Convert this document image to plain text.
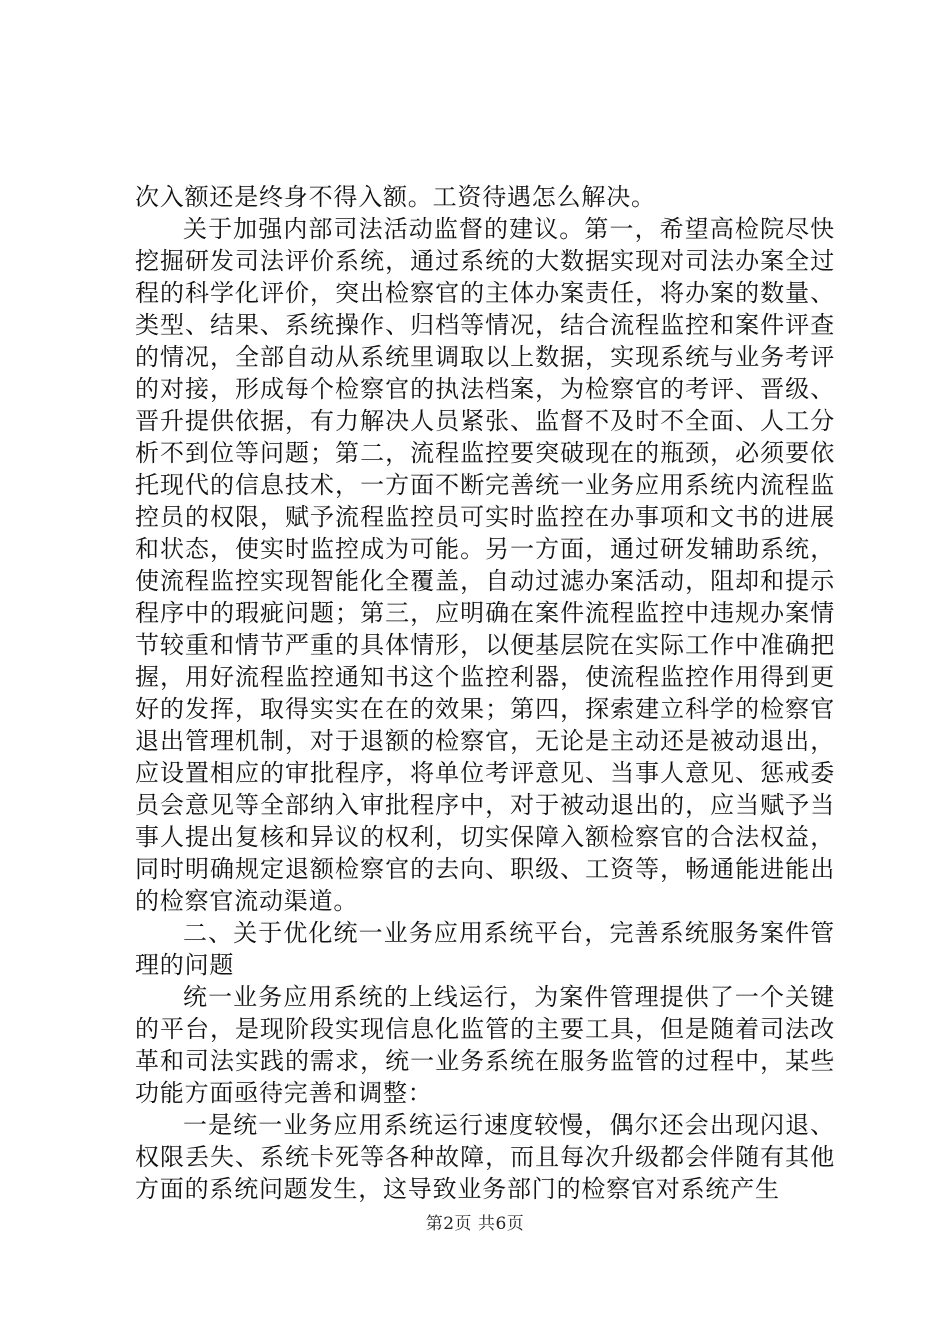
次入额还是终身不得入额。工资待遇怎么解决。

关于加强内部司法活动监督的建议。第一，希望高检院尽快挖掘研发司法评价系统，通过系统的大数据实现对司法办案全过程的科学化评价，突出检察官的主体办案责任，将办案的数量、类型、结果、系统操作、归档等情况，结合流程监控和案件评查的情况，全部自动从系统里调取以上数据，实现系统与业务考评的对接，形成每个检察官的执法档案，为检察官的考评、晋级、晋升提供依据，有力解决人员紧张、监督不及时不全面、人工分析不到位等问题；第二，流程监控要突破现在的瓶颈，必须要依托现代的信息技术，一方面不断完善统一业务应用系统内流程监控员的权限，赋予流程监控员可实时监控在办事项和文书的进展和状态，使实时监控成为可能。另一方面，通过研发辅助系统，使流程监控实现智能化全覆盖，自动过滤办案活动，阻却和提示程序中的瑕疵问题；第三，应明确在案件流程监控中违规办案情节较重和情节严重的具体情形，以便基层院在实际工作中准确把握，用好流程监控通知书这个监控利器，使流程监控作用得到更好的发挥，取得实实在在的效果；第四，探索建立科学的检察官退出管理机制，对于退额的检察官，无论是主动还是被动退出，应设置相应的审批程序，将单位考评意见、当事人意见、惩戒委员会意见等全部纳入审批程序中，对于被动退出的，应当赋予当事人提出复核和异议的权利，切实保障入额检察官的合法权益，同时明确规定退额检察官的去向、职级、工资等，畅通能进能出的检察官流动渠道。

二、关于优化统一业务应用系统平台，完善系统服务案件管理的问题

统一业务应用系统的上线运行，为案件管理提供了一个关键的平台，是现阶段实现信息化监管的主要工具，但是随着司法改革和司法实践的需求，统一业务系统在服务监管的过程中，某些功能方面亟待完善和调整：

一是统一业务应用系统运行速度较慢，偶尔还会出现闪退、权限丢失、系统卡死等各种故障，而且每次升级都会伴随有其他方面的系统问题发生，这导致业务部门的检察官对系统产生

第2页 共6页
